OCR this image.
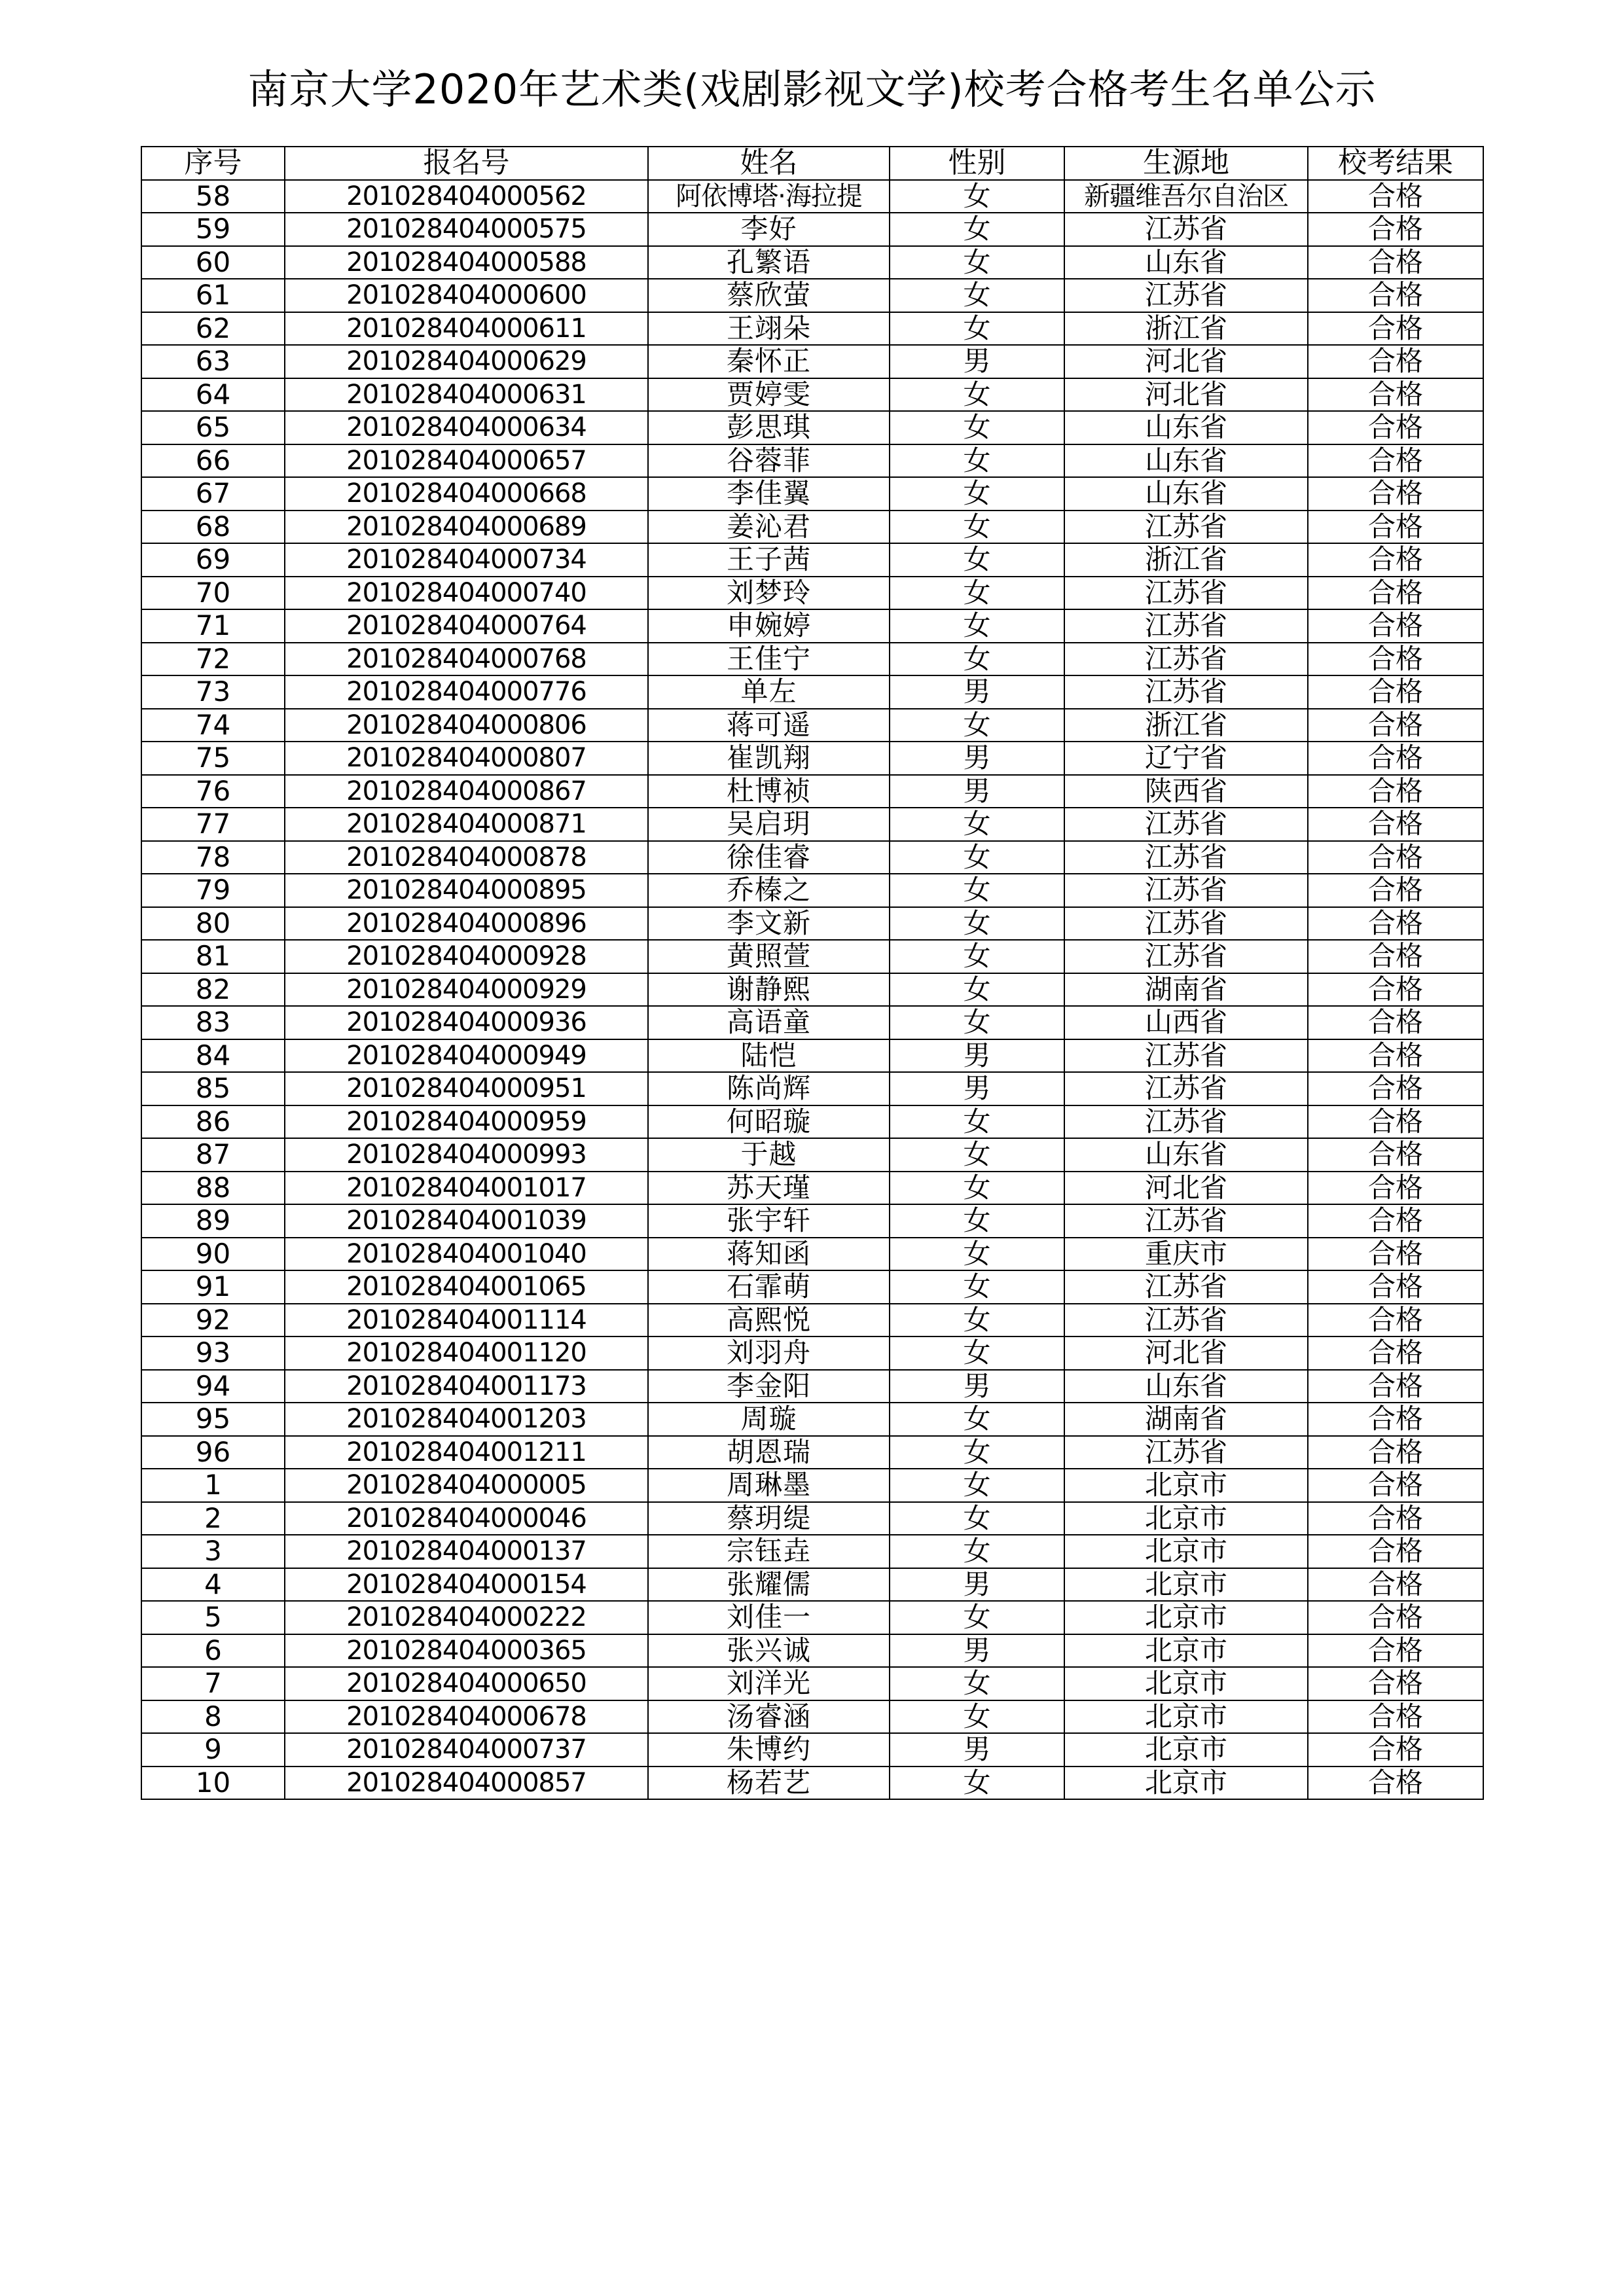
南京大学2020年艺术类(戏剧影视文学)校考合格考生名单公示
序号	报名号	姓名	性别	生源地	校考结果
58	201028404000562	阿依博塔·海拉提	女	新疆维吾尔自治区	合格
59	201028404000575	李好	女	江苏省	合格
60	201028404000588	孔繁语	女	山东省	合格
61	201028404000600	蔡欣萤	女	江苏省	合格
62	201028404000611	王翊朵	女	浙江省	合格
63	201028404000629	秦怀正	男	河北省	合格
64	201028404000631	贾婷雯	女	河北省	合格
65	201028404000634	彭思琪	女	山东省	合格
66	201028404000657	谷蓉菲	女	山东省	合格
67	201028404000668	李佳翼	女	山东省	合格
68	201028404000689	姜沁君	女	江苏省	合格
69	201028404000734	王子茜	女	浙江省	合格
70	201028404000740	刘梦玲	女	江苏省	合格
71	201028404000764	申婉婷	女	江苏省	合格
72	201028404000768	王佳宁	女	江苏省	合格
73	201028404000776	单左	男	江苏省	合格
74	201028404000806	蒋可遥	女	浙江省	合格
75	201028404000807	崔凯翔	男	辽宁省	合格
76	201028404000867	杜博祯	男	陕西省	合格
77	201028404000871	吴启玥	女	江苏省	合格
78	201028404000878	徐佳睿	女	江苏省	合格
79	201028404000895	乔榛之	女	江苏省	合格
80	201028404000896	李文新	女	江苏省	合格
81	201028404000928	黄照萱	女	江苏省	合格
82	201028404000929	谢静熙	女	湖南省	合格
83	201028404000936	高语童	女	山西省	合格
84	201028404000949	陆恺	男	江苏省	合格
85	201028404000951	陈尚辉	男	江苏省	合格
86	201028404000959	何昭璇	女	江苏省	合格
87	201028404000993	于越	女	山东省	合格
88	201028404001017	苏天瑾	女	河北省	合格
89	201028404001039	张宇轩	女	江苏省	合格
90	201028404001040	蒋知函	女	重庆市	合格
91	201028404001065	石霏萌	女	江苏省	合格
92	201028404001114	高熙悦	女	江苏省	合格
93	201028404001120	刘羽舟	女	河北省	合格
94	201028404001173	李金阳	男	山东省	合格
95	201028404001203	周璇	女	湖南省	合格
96	201028404001211	胡恩瑞	女	江苏省	合格
1	201028404000005	周琳墨	女	北京市	合格
2	201028404000046	蔡玥缇	女	北京市	合格
3	201028404000137	宗钰垚	女	北京市	合格
4	201028404000154	张耀儒	男	北京市	合格
5	201028404000222	刘佳一	女	北京市	合格
6	201028404000365	张兴诚	男	北京市	合格
7	201028404000650	刘洋光	女	北京市	合格
8	201028404000678	汤睿涵	女	北京市	合格
9	201028404000737	朱博约	男	北京市	合格
10	201028404000857	杨若艺	女	北京市	合格
